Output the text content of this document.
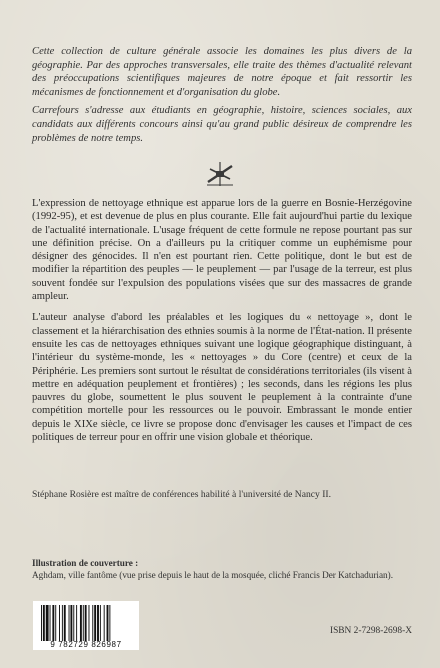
Cette collection de culture générale associe les domaines les plus divers de la géographie. Par des approches transversales, elle traite des thèmes d'actualité relevant des préoccupations scientifiques majeures de notre époque et fait ressortir les mécanismes de fonctionnement et d'organisation du globe.

Carrefours s'adresse aux étudiants en géographie, histoire, sciences sociales, aux candidats aux différents concours ainsi qu'au grand public désireux de comprendre les problèmes de notre temps.

L'expression de nettoyage ethnique est apparue lors de la guerre en Bosnie-Herzégovine (1992-95), et est devenue de plus en plus courante. Elle fait aujourd'hui partie du lexique de l'actualité internationale. L'usage fréquent de cette formule ne repose pourtant pas sur une définition précise. On a d'ailleurs pu la critiquer comme un euphémisme pour désigner des génocides. Il n'en est pourtant rien. Cette politique, dont le but est de modifier la répartition des peuples — le peuplement — par l'usage de la terreur, est plus souvent fondée sur l'expulsion des populations visées que sur des massacres de grande ampleur.

L'auteur analyse d'abord les préalables et les logiques du « nettoyage », dont le classement et la hiérarchisation des ethnies soumis à la norme de l'État-nation. Il présente ensuite les cas de nettoyages ethniques suivant une logique géographique distinguant, à l'intérieur du système-monde, les « nettoyages » du Core (centre) et ceux de la Périphérie. Les premiers sont surtout le résultat de considérations territoriales (ils visent à mettre en adéquation peuplement et frontières) ; les seconds, dans les régions les plus pauvres du globe, soumettent le plus souvent le peuplement à la contrainte d'une compétition mortelle pour les ressources ou le pouvoir. Embrassant le monde entier depuis le XIXe siècle, ce livre se propose donc d'envisager les causes et l'impact de ces politiques de terreur pour en offrir une vision globale et théorique.

Stéphane Rosière est maître de conférences habilité à l'université de Nancy II.
Illustration de couverture :
Aghdam, ville fantôme (vue prise depuis le haut de la mosquée, cliché Francis Der Katchadurian).
9 782729 826987
ISBN 2-7298-2698-X
